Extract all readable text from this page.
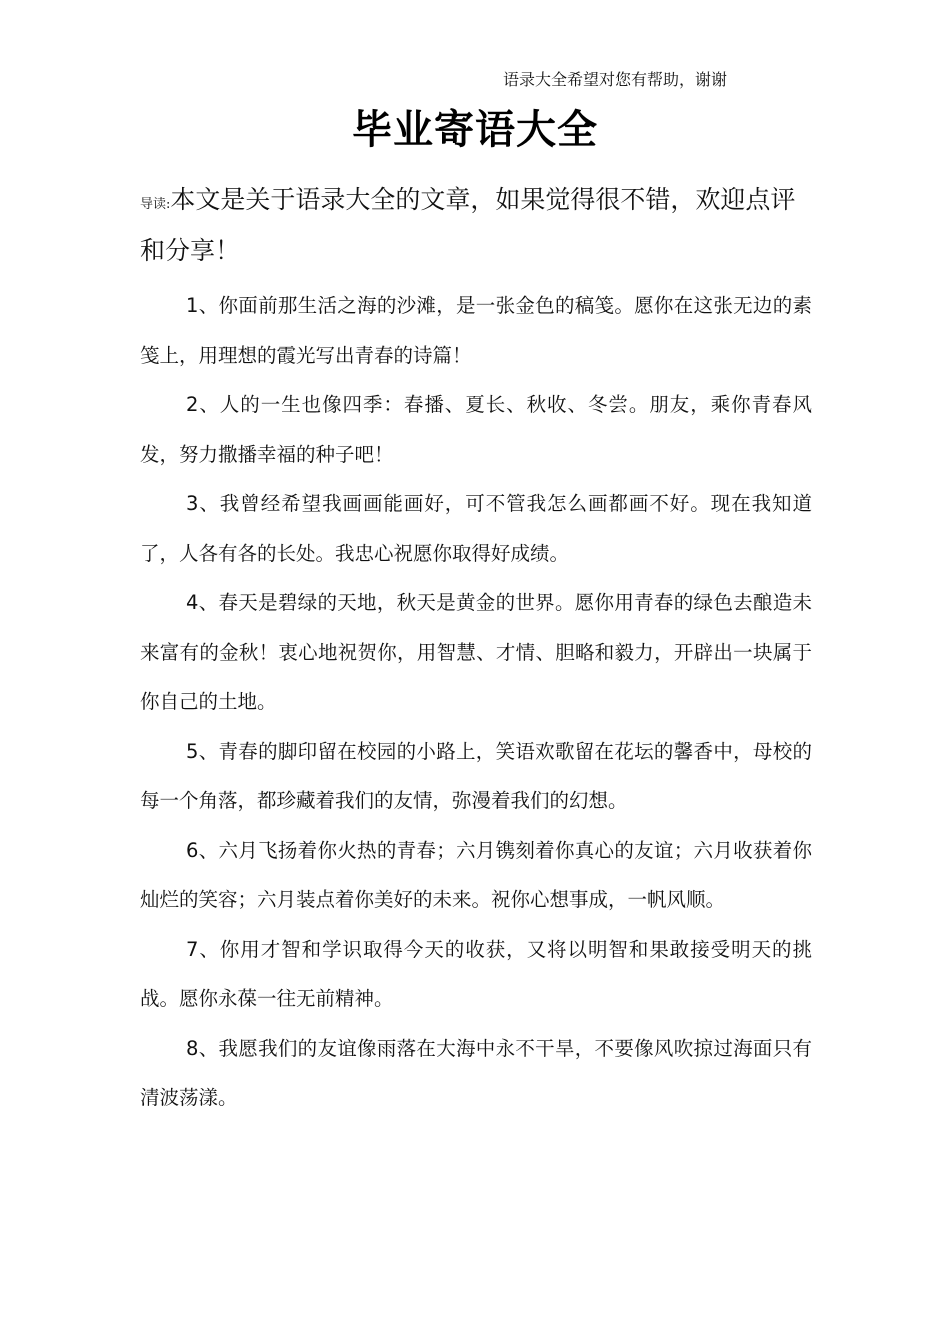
语录大全希望对您有帮助，谢谢
毕业寄语大全
导读:本文是关于语录大全的文章，如果觉得很不错，欢迎点评和分享！

1、你面前那生活之海的沙滩，是一张金色的稿笺。愿你在这张无边的素笺上，用理想的霞光写出青春的诗篇！

2、人的一生也像四季：春播、夏长、秋收、冬尝。朋友，乘你青春风发，努力撒播幸福的种子吧！

3、我曾经希望我画画能画好，可不管我怎么画都画不好。现在我知道了，人各有各的长处。我忠心祝愿你取得好成绩。

4、春天是碧绿的天地，秋天是黄金的世界。愿你用青春的绿色去酿造未来富有的金秋！衷心地祝贺你，用智慧、才情、胆略和毅力，开辟出一块属于你自己的土地。

5、青春的脚印留在校园的小路上，笑语欢歌留在花坛的馨香中，母校的每一个角落，都珍藏着我们的友情，弥漫着我们的幻想。

6、六月飞扬着你火热的青春；六月镌刻着你真心的友谊；六月收获着你灿烂的笑容；六月装点着你美好的未来。祝你心想事成，一帆风顺。

7、你用才智和学识取得今天的收获，又将以明智和果敢接受明天的挑战。愿你永葆一往无前精神。

8、我愿我们的友谊像雨落在大海中永不干旱，不要像风吹掠过海面只有清波荡漾。
